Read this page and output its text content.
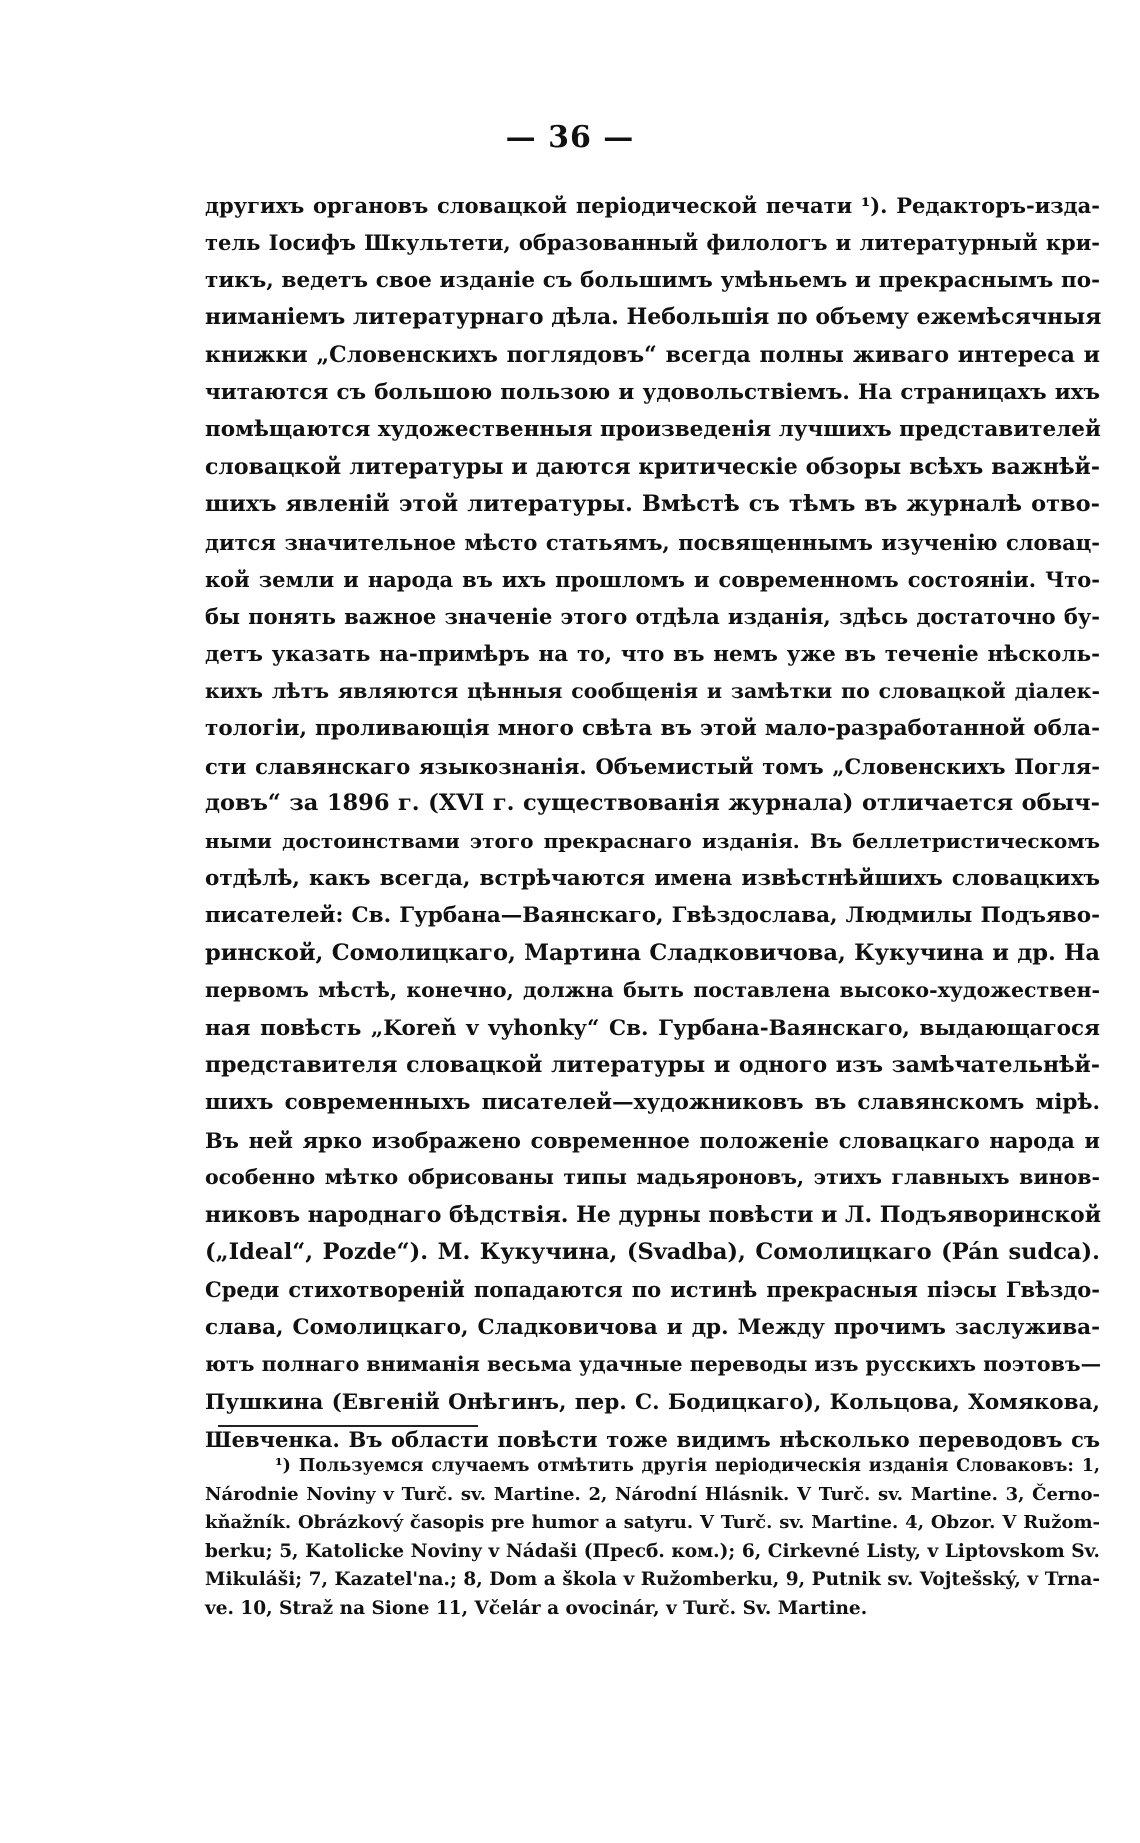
— 36 —
другихъ органовъ словацкой періодической печати ¹). Редакторъ-изда-
тель Іосифъ Шкультети, образованный филологъ и литературный кри-
тикъ, ведетъ свое изданіе съ большимъ умѣньемъ и прекраснымъ по-
ниманіемъ литературнаго дѣла. Небольшія по объему ежемѣсячныя
книжки „Словенскихъ поглядовъ“ всегда полны живаго интереса и
читаются съ большою пользою и удовольствіемъ. На страницахъ ихъ
помѣщаются художественныя произведенія лучшихъ представителей
словацкой литературы и даются критическіе обзоры всѣхъ важнѣй-
шихъ явленій этой литературы. Вмѣстѣ съ тѣмъ въ журналѣ отво-
дится значительное мѣсто статьямъ, посвященнымъ изученію словац-
кой земли и народа въ ихъ прошломъ и современномъ состояніи. Что-
бы понять важное значеніе этого отдѣла изданія, здѣсь достаточно бу-
детъ указать на-примѣръ на то, что въ немъ уже въ теченіе нѣсколь-
кихъ лѣтъ являются цѣнныя сообщенія и замѣтки по словацкой діалек-
тологіи, проливающія много свѣта въ этой мало-разработанной обла-
сти славянскаго языкознанія. Объемистый томъ „Словенскихъ Погля-
довъ“ за 1896 г. (XVI г. существованія журнала) отличается обыч-
ными достоинствами этого прекраснаго изданія. Въ беллетристическомъ
отдѣлѣ, какъ всегда, встрѣчаются имена извѣстнѣйшихъ словацкихъ
писателей: Св. Гурбана—Ваянскаго, Гвѣздослава, Людмилы Подъяво-
ринской, Сомолицкаго, Мартина Сладковичова, Кукучина и др. На
первомъ мѣстѣ, конечно, должна быть поставлена высоко-художествен-
ная повѣсть „Koreň v vyhonky“ Св. Гурбана-Ваянскаго, выдающагося
представителя словацкой литературы и одного изъ замѣчательнѣй-
шихъ современныхъ писателей—художниковъ въ славянскомъ мірѣ.
Въ ней ярко изображено современное положеніе словацкаго народа и
особенно мѣтко обрисованы типы мадьяроновъ, этихъ главныхъ винов-
никовъ народнаго бѣдствія. Не дурны повѣсти и Л. Подъяворинской
(„Ideal“, Pozde“). М. Кукучина, (Svadba), Сомолицкаго (Pán sudca).
Среди стихотвореній попадаются по истинѣ прекрасныя піэсы Гвѣздо-
слава, Сомолицкаго, Сладковичова и др. Между прочимъ заслужива-
ютъ полнаго вниманія весьма удачные переводы изъ русскихъ поэтовъ—
Пушкина (Евгеній Онѣгинъ, пер. С. Бодицкаго), Кольцова, Хомякова,
Шевченка. Въ области повѣсти тоже видимъ нѣсколько переводовъ съ
¹) Пользуемся случаемъ отмѣтить другія періодическія изданія Словаковъ: 1,
Národnie Noviny v Turč. sv. Martine. 2, Národní Hlásnik. V Turč. sv. Martine. 3, Černo-
kňažník. Obrázkový časopis pre humor a satyru. V Turč. sv. Martine. 4, Obzor. V Ružom-
berku; 5, Katolicke Noviny v Nádaši (Пресб. ком.); 6, Cirkevné Listy, v Liptovskom Sv.
Mikuláši; 7, Kazatel'na.; 8, Dom a škola v Ružomberku, 9, Putnik sv. Vojtešský, v Trna-
ve. 10, Straž na Sione 11, Včelár a ovocinár, v Turč. Sv. Martine.
